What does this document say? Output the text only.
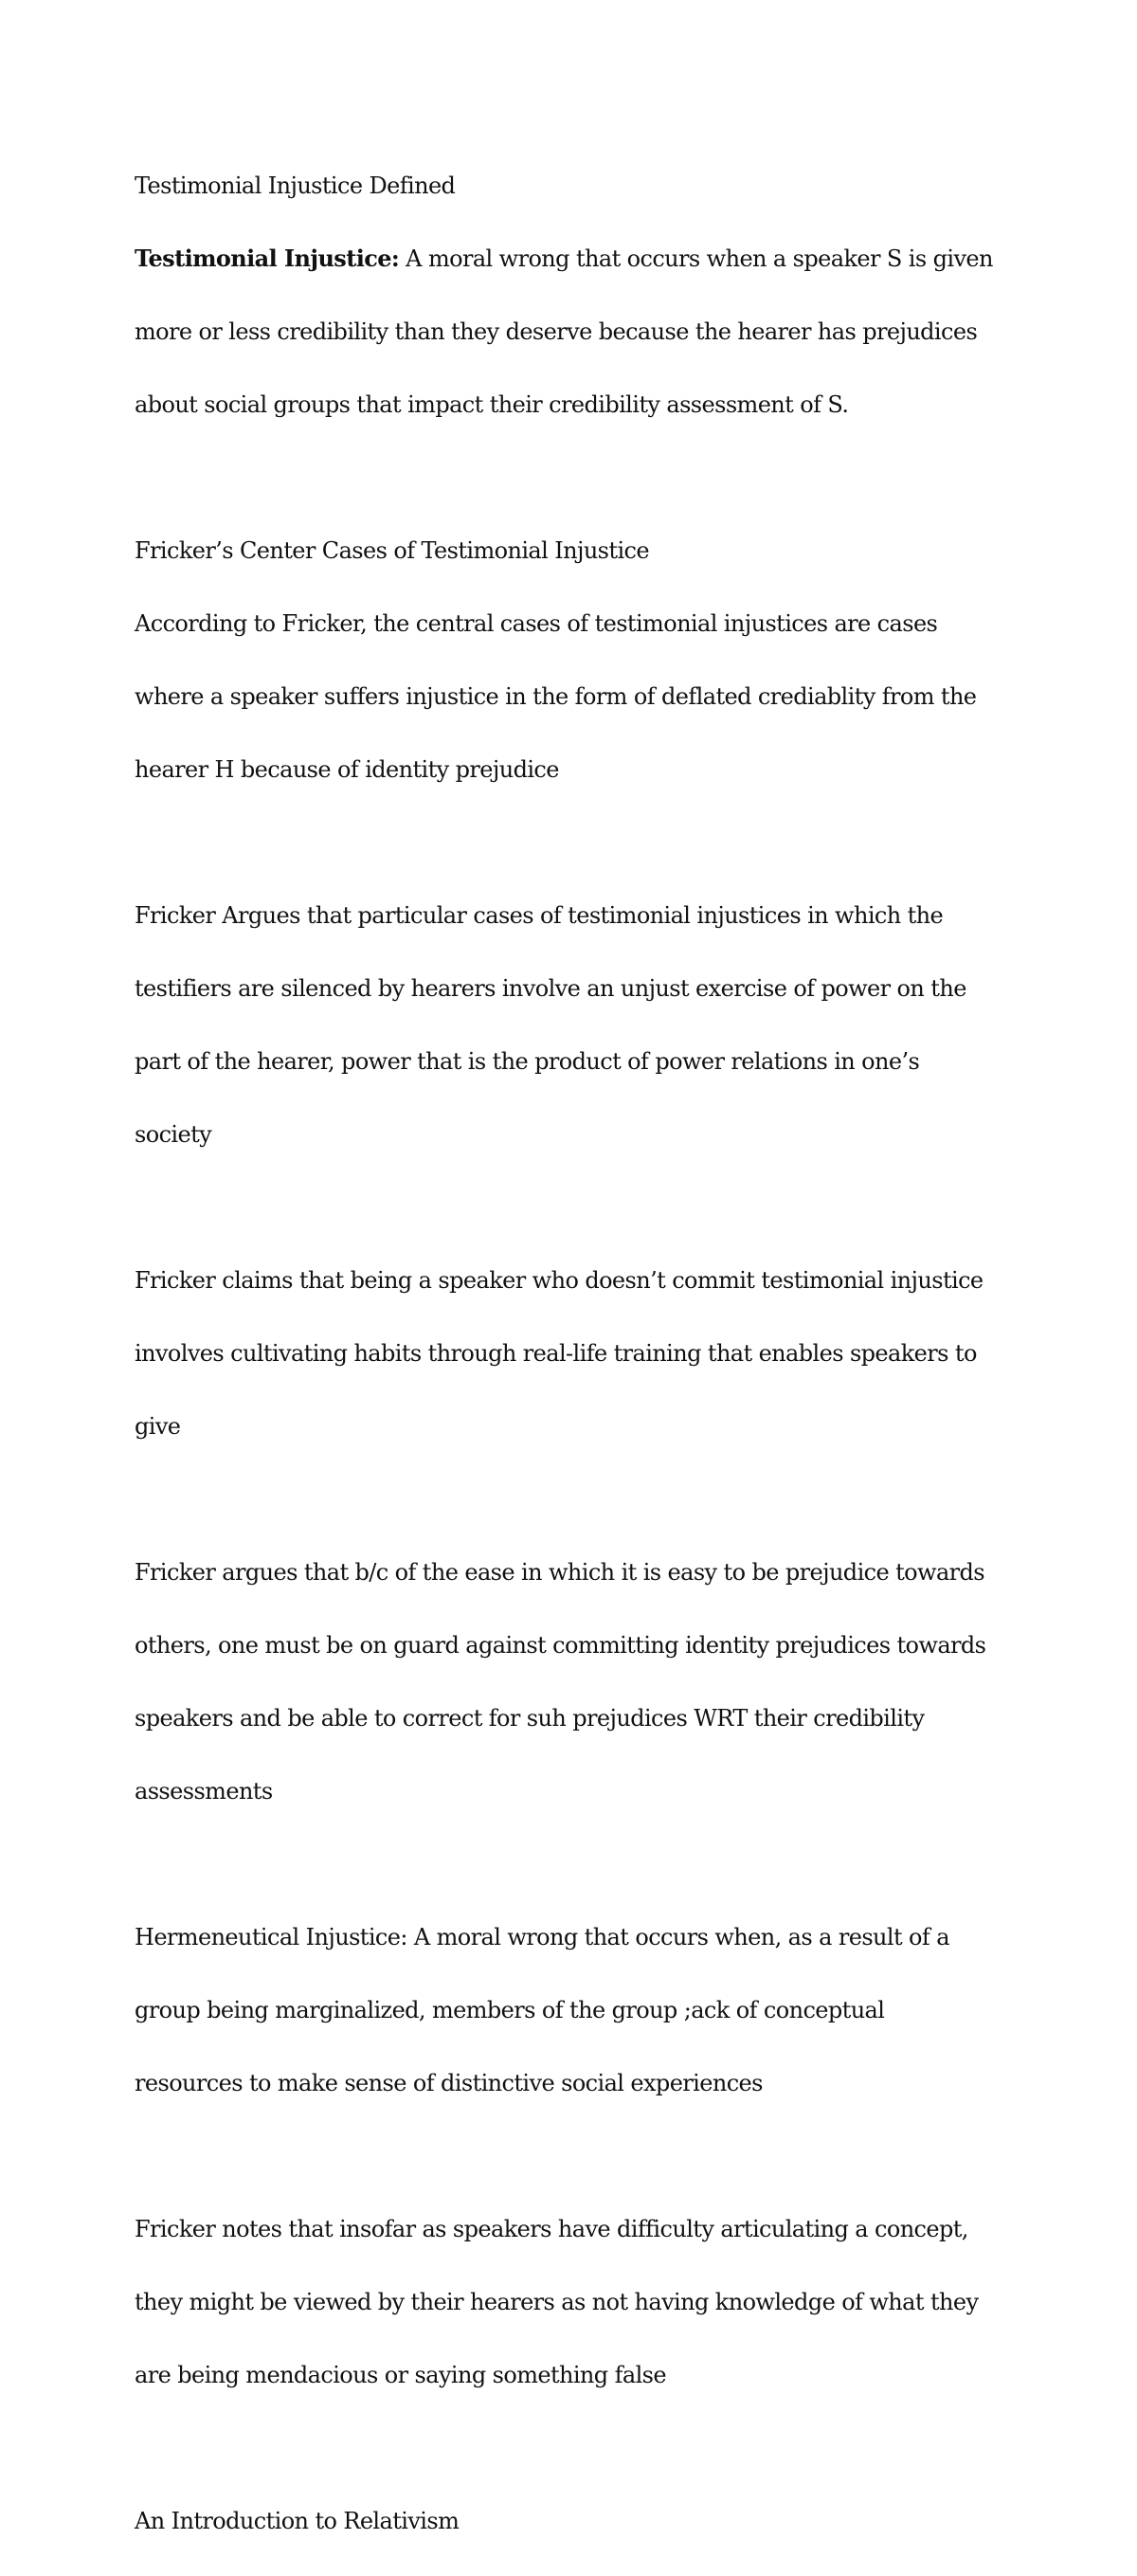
Testimonial Injustice Defined

Testimonial Injustice: A moral wrong that occurs when a speaker S is given

more or less credibility than they deserve because the hearer has prejudices

about social groups that impact their credibility assessment of S.

Fricker’s Center Cases of Testimonial Injustice

According to Fricker, the central cases of testimonial injustices are cases

where a speaker suffers injustice in the form of deflated crediablity from the

hearer H because of identity prejudice

Fricker Argues that particular cases of testimonial injustices in which the

testifiers are silenced by hearers involve an unjust exercise of power on the

part of the hearer, power that is the product of power relations in one’s

society

Fricker claims that being a speaker who doesn’t commit testimonial injustice

involves cultivating habits through real-life training that enables speakers to

give

Fricker argues that b/c of the ease in which it is easy to be prejudice towards

others, one must be on guard against committing identity prejudices towards

speakers and be able to correct for suh prejudices WRT their credibility

assessments

Hermeneutical Injustice: A moral wrong that occurs when, as a result of a

group being marginalized, members of the group ;ack of conceptual

resources to make sense of distinctive social experiences

Fricker notes that insofar as speakers have difficulty articulating a concept,

they might be viewed by their hearers as not having knowledge of what they

are being mendacious or saying something false

An Introduction to Relativism
